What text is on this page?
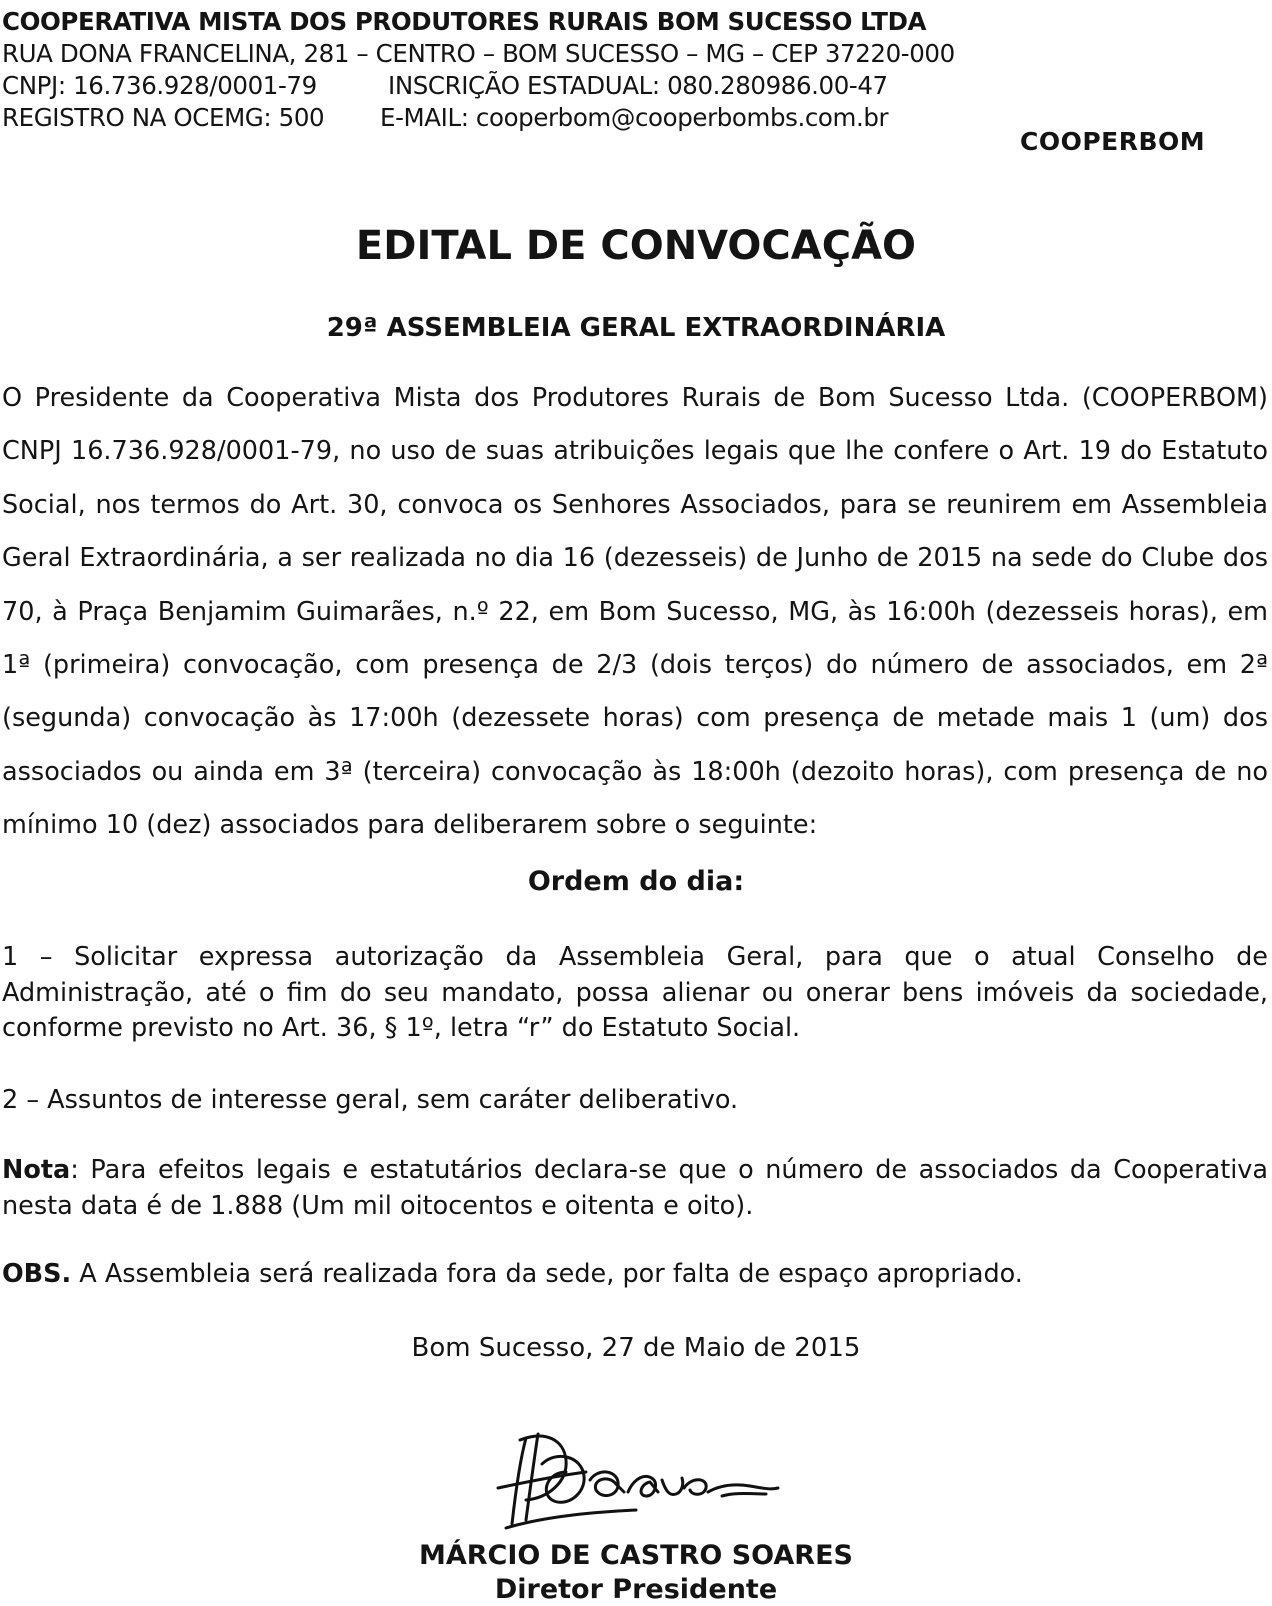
COOPERATIVA MISTA DOS PRODUTORES RURAIS BOM SUCESSO LTDA
RUA DONA FRANCELINA, 281 – CENTRO – BOM SUCESSO – MG – CEP 37220-000
CNPJ: 16.736.928/0001-79	INSCRIÇÃO ESTADUAL: 080.280986.00-47
REGISTRO NA OCEMG: 500 E-MAIL: cooperbom@cooperbombs.com.br
COOPERBOM
EDITAL DE CONVOCAÇÃO
29ª ASSEMBLEIA GERAL EXTRAORDINÁRIA

O Presidente da Cooperativa Mista dos Produtores Rurais de Bom Sucesso Ltda. (COOPERBOM) CNPJ 16.736.928/0001-79, no uso de suas atribuições legais que lhe confere o Art. 19 do Estatuto Social, nos termos do Art. 30, convoca os Senhores Associados, para se reunirem em Assembleia Geral Extraordinária, a ser realizada no dia 16 (dezesseis) de Junho de 2015 na sede do Clube dos 70, à Praça Benjamim Guimarães, n.º 22, em Bom Sucesso, MG, às 16:00h (dezesseis horas), em 1ª (primeira) convocação, com presença de 2/3 (dois terços) do número de associados, em 2ª (segunda) convocação às 17:00h (dezessete horas) com presença de metade mais 1 (um) dos associados ou ainda em 3ª (terceira) convocação às 18:00h (dezoito horas), com presença de no mínimo 10 (dez) associados para deliberarem sobre o seguinte:

Ordem do dia:

1 – Solicitar expressa autorização da Assembleia Geral, para que o atual Conselho de Administração, até o fim do seu mandato, possa alienar ou onerar bens imóveis da sociedade, conforme previsto no Art. 36, § 1º, letra “r” do Estatuto Social.

2 – Assuntos de interesse geral, sem caráter deliberativo.

Nota: Para efeitos legais e estatutários declara-se que o número de associados da Cooperativa nesta data é de 1.888 (Um mil oitocentos e oitenta e oito).

OBS. A Assembleia será realizada fora da sede, por falta de espaço apropriado.

Bom Sucesso, 27 de Maio de 2015
MÁRCIO DE CASTRO SOARES
Diretor Presidente
